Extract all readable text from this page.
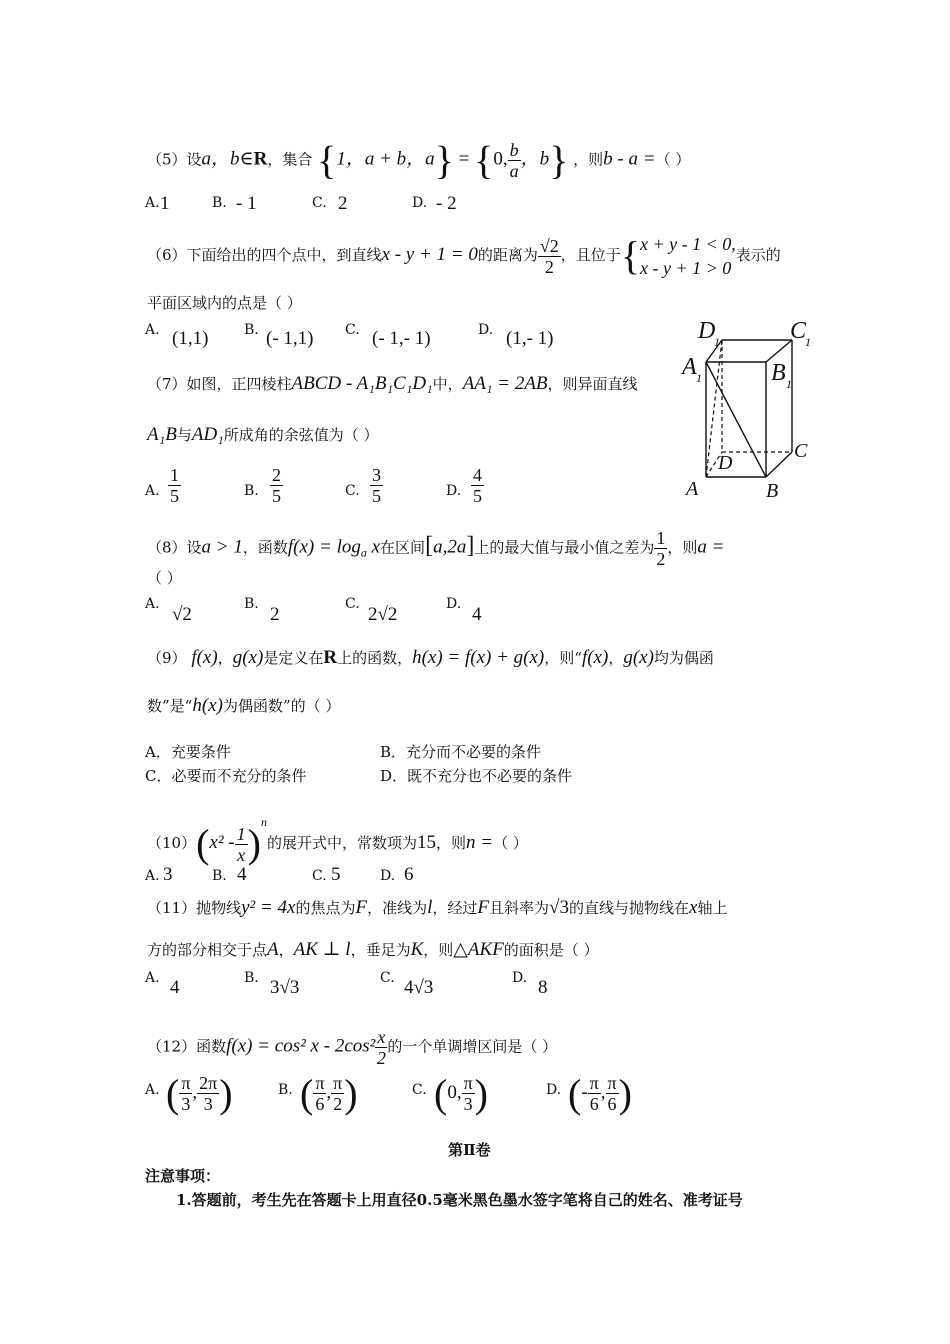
（5）设a，b∈R，集合 {1，a + b，a} = {0, $\frac{b}{a}$ ，b} ，则b - a =（ ）
A. 1	B. - 1	C. 2	D. - 2
（6）下面给出的四个点中，到直线x - y + 1 = 0的距离为 $\frac{√2}{2}$ ，且位于{ x + y - 1 < 0,
x - y + 1 > 0
表示的
平面区域内的点是（ ）
A. (1,1)	B. (- 1,1) C. (- 1,- 1)	D. (1,- 1)
（7）如图，正四棱柱ABCD - A₁B₁C₁D₁中，AA₁ = 2AB，则异面直线
A₁B与AD₁所成角的余弦值为（ ）
A. $\frac{1}{5}$	B. $\frac{2}{5}$	C. $\frac{3}{5}$	D. $\frac{4}{5}$
D
1	C
1
A 1	B 1
D
C
A	B
（8）设a > 1，函数$f(x) = \log_a x$在区间[a,2a]上的最大值与最小值之差为 $\frac{1}{2}$ ，则a =
（ ）
A. √2	B. 2	C. 2√2	D. 4
（9） f(x)，g(x)是定义在R上的函数，h(x) = f(x) + g(x)，则“f(x)，g(x)均为偶函
数”是“h(x)为偶函数”的（ ）
A．充要条件	B．充分而不必要的条件
C．必要而不充分的条件	D．既不充分也不必要的条件
$(10)(x^2 - \frac{1}{x} )^n$的展开式中，常数项为15，则n =（ ）
A. 3	B. 4	C. 5	D. 6
（11）抛物线y² = 4x的焦点为F，准线为l，经过F且斜率为√3的直线与抛物线在x轴上
方的部分相交于点A，AK ⊥ l，垂足为K，则△AKF的面积是（ ）
A. 4	B. 3√3	C. 4√3	D. 8
（12）函数f(x) = cos² x - $2\cos^2 \frac{x}{2}$ 的一个单调增区间是（ ）
A. ( $\frac{\pi}{3}$ , $\frac{2\pi}{3}$ )	B. ( $\frac{\pi}{6}$ , $\frac{\pi}{2}$ )	C. (0, $\frac{\pi}{3}$ )	D. (- $\frac{\pi}{6}$ , $\frac{\pi}{6}$ )
第Ⅱ卷
注意事项：
1.答题前，考生先在答题卡上用直径0.5毫米黑色墨水签字笔将自己的姓名、准考证号
